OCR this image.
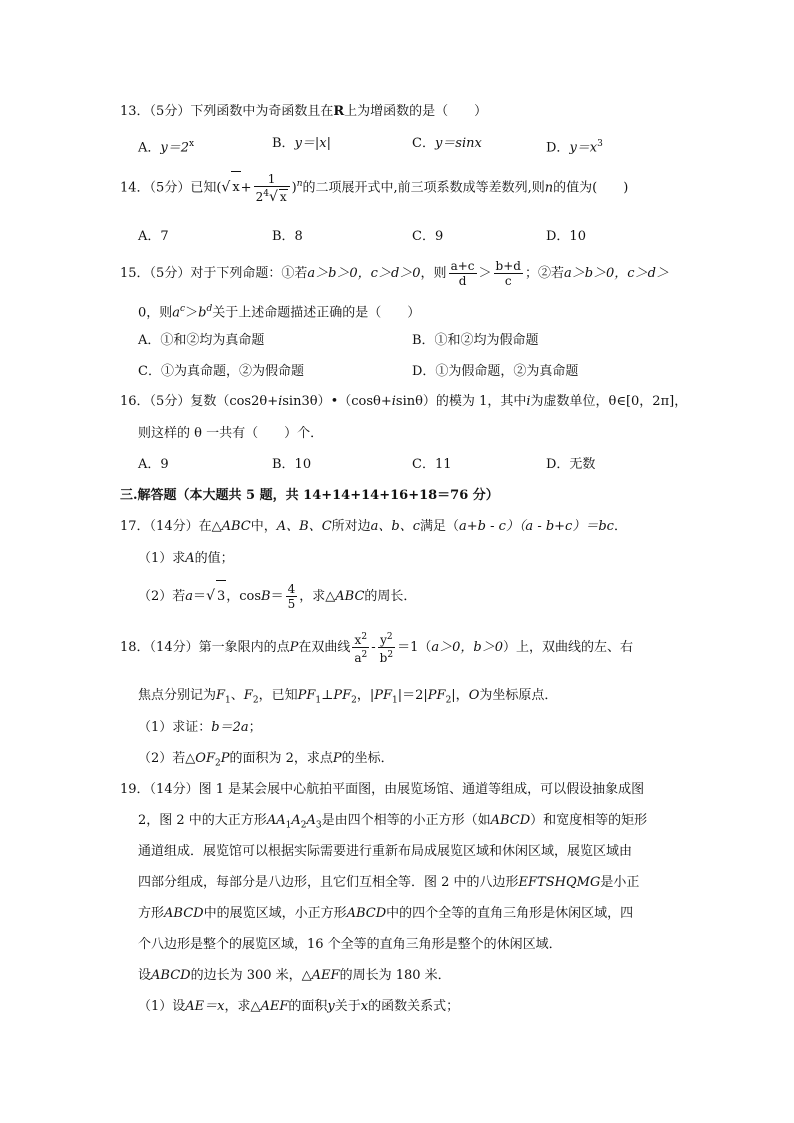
13．（5分）下列函数中为奇函数且在R上为增函数的是（　　）
A．$y=2^x$	B．y＝|x|	C．y＝sinx	D．$y=x^3$
14．（5分）已知(√ $x+ \frac{1}{2^4√ x} )^n$的二项展开式中,前三项系数成等差数列,则n的值为(　　)
A．7	B．8	C．9	D．10
15．（5分）对于下列命题：①若a＞b＞0，c＞d＞0，则 $\frac{a+c}{d} > \frac{b+d}{c}$ ；②若a＞b＞0，c＞d＞
0，则$a^c>b^d$关于上述命题描述正确的是（　　）
A．①和②均为真命题	B．①和②均为假命题
C．①为真命题，②为假命题	D．①为假命题，②为真命题
16．（5分）复数（cos2θ+isin3θ）•（cosθ+isinθ）的模为 1，其中i为虚数单位，θ∈[0，2π]，
则这样的 θ 一共有（　　）个．
A．9	B．10	C．11	D．无数
三.解答题（本大题共 5 题，共 14+14+14+16+18＝76 分）
17．（14分）在△ABC中，A、B、C所对边a、b、c满足（a+b - c）（a - b+c）＝bc．
（1）求A的值；
（2）若a＝√ 3，$\cos B= \frac{4}{5}$ ，求△ABC的周长．
18．（14分）第一象限内的点P在双曲线 $\frac{x^2}{a^2} - \frac{y^2}{b^2} =1(a>0$，b＞0）上，双曲线的左、右
焦点分别记为$F_1$、$F_2$，已知$PF_1\perp PF_2$，$|PF_1|=2|PF_2|$，O为坐标原点．
（1）求证：b＝2a；
（2）若$\triangle OF_2P$的面积为 2，求点P的坐标．
19．（14分）图 1 是某会展中心航拍平面图，由展览场馆、通道等组成，可以假设抽象成图
2，图 2 中的大正方形$AA_1A_2A_3$是由四个相等的小正方形（如ABCD）和宽度相等的矩形
通道组成．展览馆可以根据实际需要进行重新布局成展览区域和休闲区域，展览区域由
四部分组成，每部分是八边形，且它们互相全等．图 2 中的八边形EFTSHQMG是小正
方形ABCD中的展览区域，小正方形ABCD中的四个全等的直角三角形是休闲区域，四
个八边形是整个的展览区域，16 个全等的直角三角形是整个的休闲区域．
设ABCD的边长为 300 米，△AEF的周长为 180 米．
（1）设AE＝x，求△AEF的面积y关于x的函数关系式；
